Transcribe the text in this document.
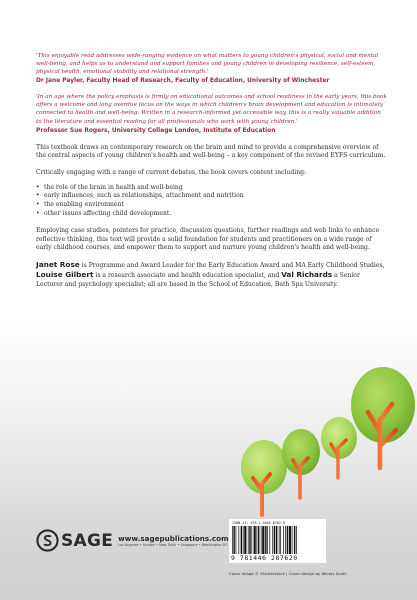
'This enjoyable read addresses wide-ranging evidence on what matters to young children's physical, social and mental well-being, and helps us to understand and support families and young children in developing resilience, self-esteem, physical health, emotional stability and relational strength.'

Dr Jane Payler, Faculty Head of Research, Faculty of Education, University of Winchester

'In an age where the policy emphasis is firmly on educational outcomes and school readiness in the early years, this book offers a welcome and long overdue focus on the ways in which children's brain development and education is intimately connected to health and well-being. Written in a research-informed yet accessible way, this is a really valuable addition to the literature and essential reading for all professionals who work with young children.'

Professor Sue Rogers, University College London, Institute of Education

This textbook draws on contemporary research on the brain and mind to provide a comprehensive overview of the central aspects of young children's health and well-being – a key component of the revised EYFS curriculum.

Critically engaging with a range of current debates, the book covers content including:

• the role of the brain in health and well-being
• early influences, such as relationships, attachment and nutrition
• the enabling environment
• other issues affecting child development.

Employing case studies, pointers for practice, discussion questions, further readings and web links to enhance reflective thinking, this text will provide a solid foundation for students and practitioners on a wide range of early childhood courses, and empower them to support and nurture young children's health and well-being.

Janet Rose is Programme and Award Leader for the Early Education Award and MA Early Childhood Studies, Louise Gilbert is a research associate and health education specialist, and Val Richards a Senior Lecturer and psychology specialist; all are based in the School of Education, Bath Spa University.

SAGE www.sagepublications.com
Los Angeles • London • New Delhi • Singapore • Washington DC
ISBN-13: 978-1-4462-8762-0
9 781446 287620
Cover image © Shutterstock | Cover design by Wendy Scott
